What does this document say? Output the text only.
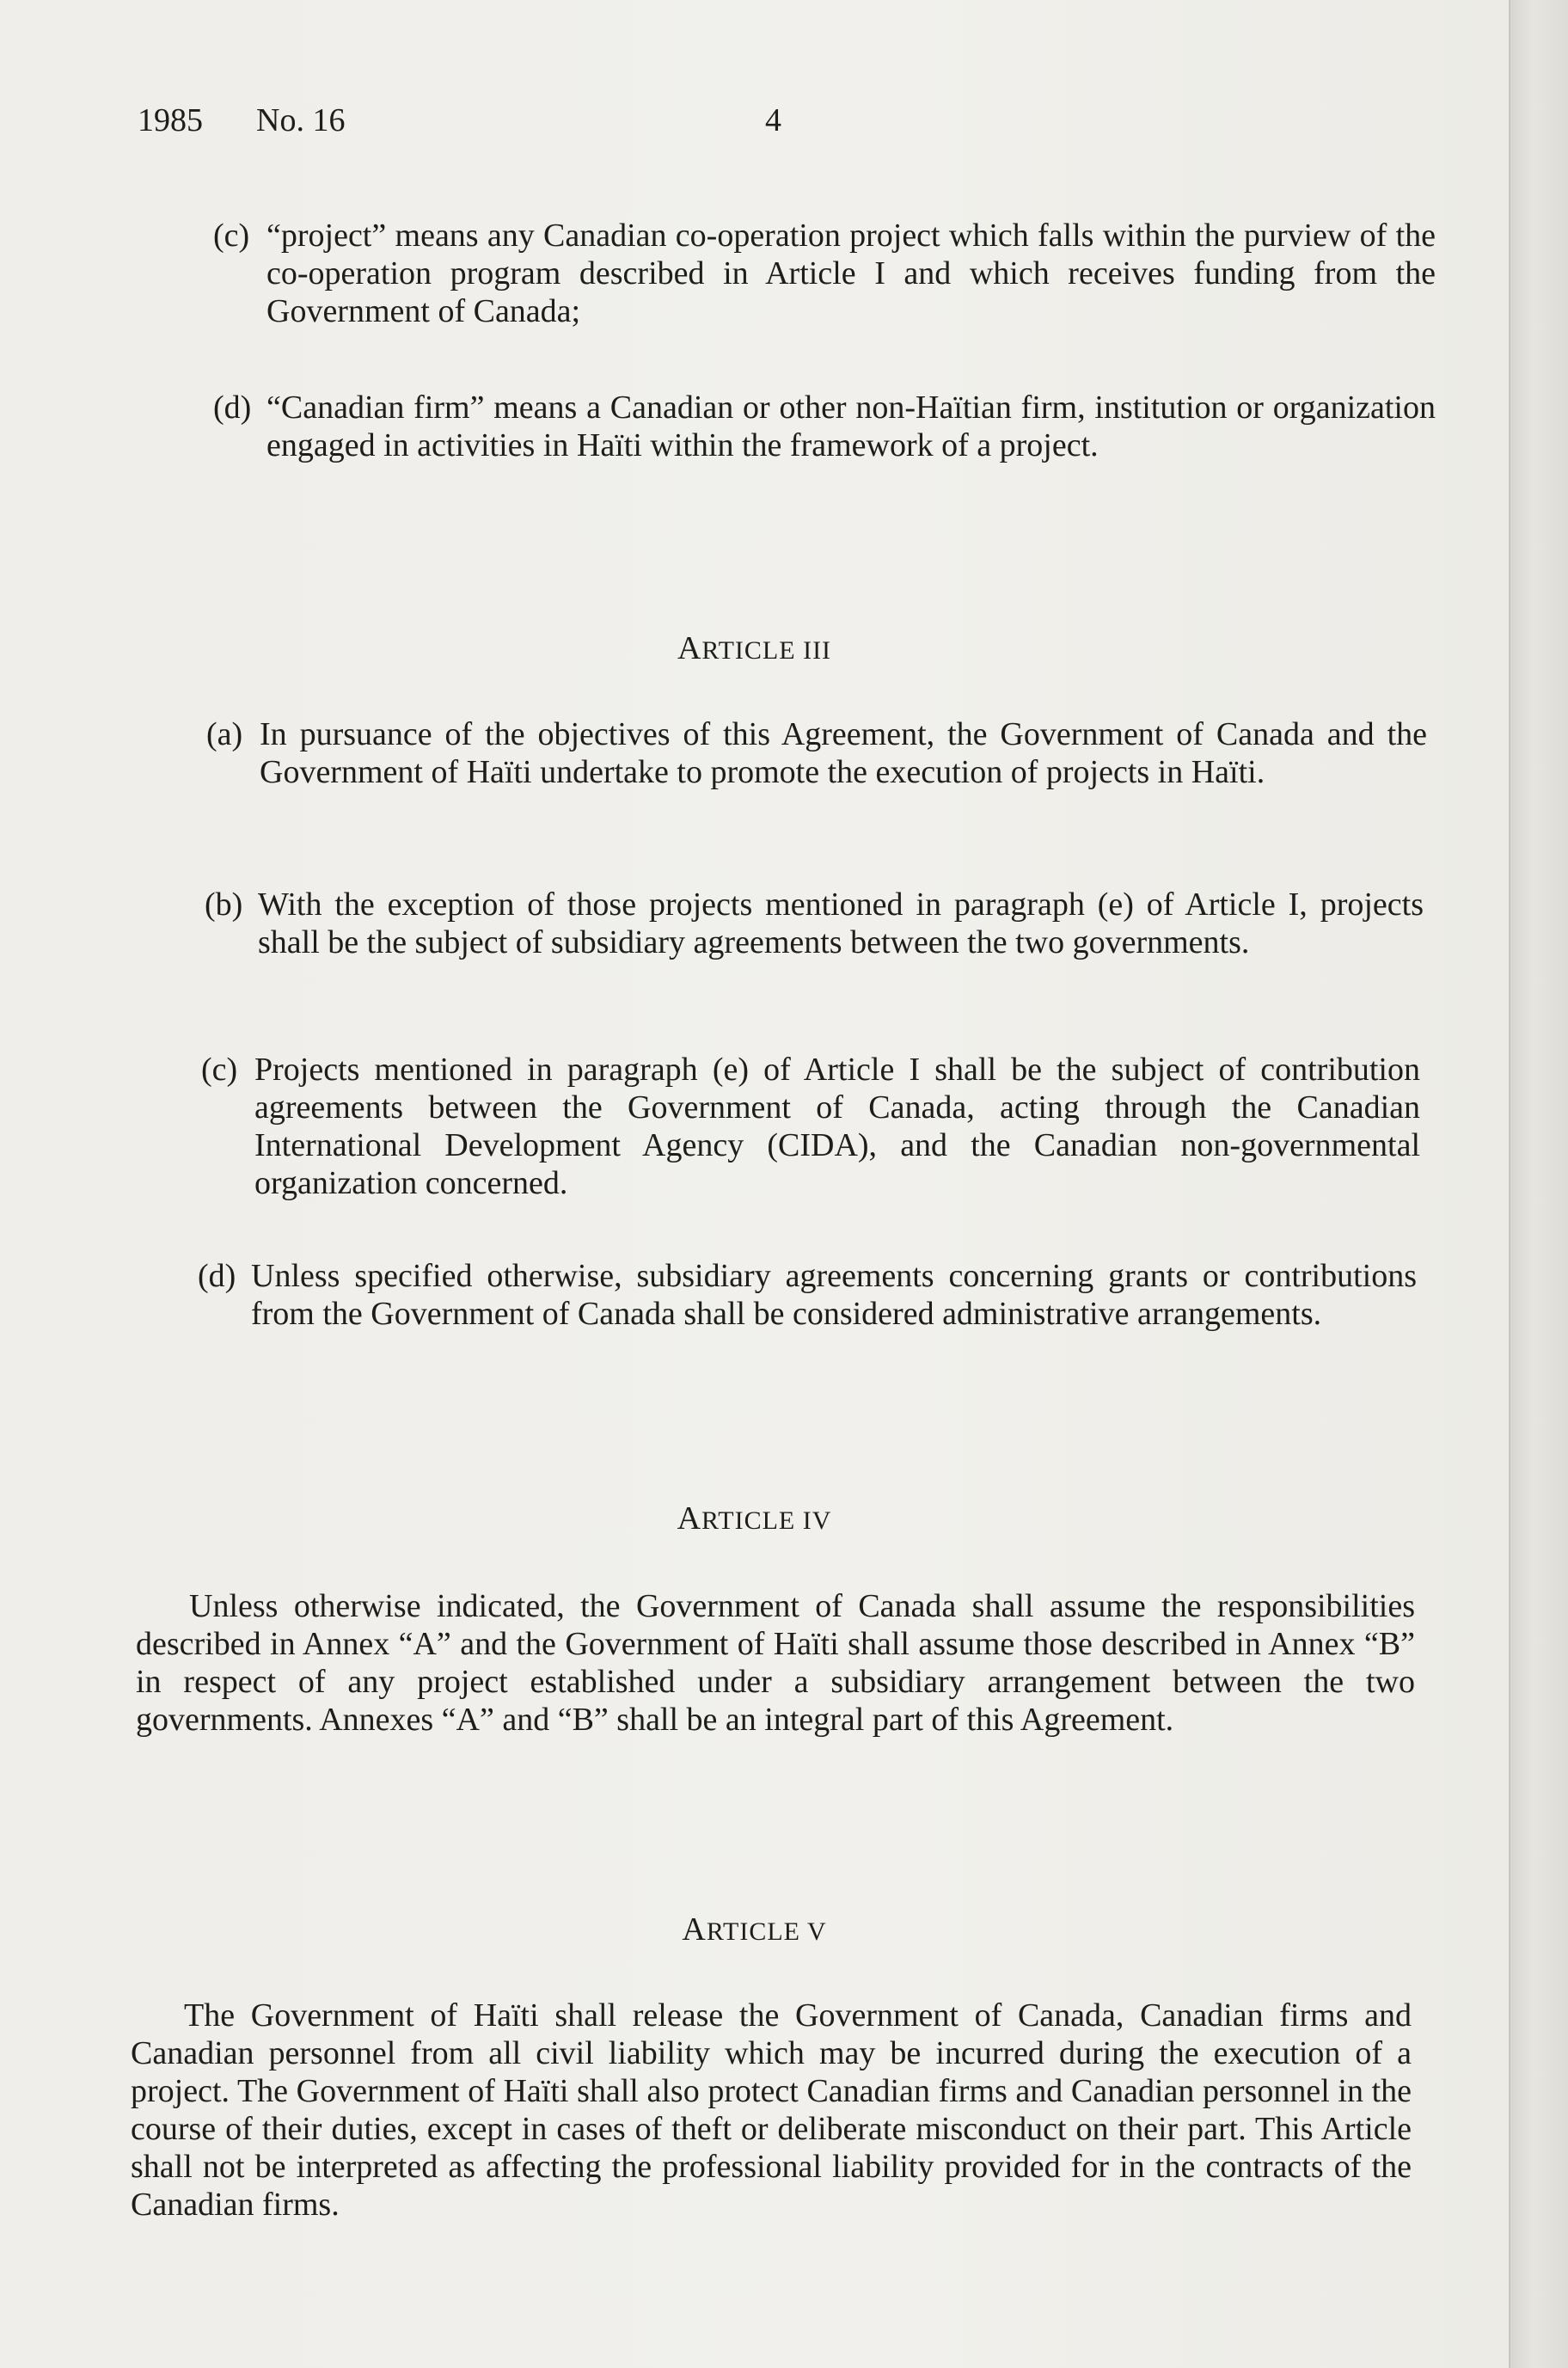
1985 No. 16	4
(c) “project” means any Canadian co-operation project which falls within the purview of the co-operation program described in Article I and which receives funding from the Government of Canada;
(d) “Canadian firm” means a Canadian or other non-Haïtian firm, institution or organization engaged in activities in Haïti within the framework of a project.
ARTICLE III
(a) In pursuance of the objectives of this Agreement, the Government of Canada and the Government of Haïti undertake to promote the execution of projects in Haïti.
(b) With the exception of those projects mentioned in paragraph (e) of Article I, projects shall be the subject of subsidiary agreements between the two governments.
(c) Projects mentioned in paragraph (e) of Article I shall be the subject of contribution agreements between the Government of Canada, acting through the Canadian International Development Agency (CIDA), and the Canadian non-governmental organization concerned.
(d) Unless specified otherwise, subsidiary agreements concerning grants or contributions from the Government of Canada shall be considered administrative arrangements.
ARTICLE IV

Unless otherwise indicated, the Government of Canada shall assume the responsibilities described in Annex “A” and the Government of Haïti shall assume those described in Annex “B” in respect of any project established under a subsidiary arrangement between the two governments. Annexes “A” and “B” shall be an integral part of this Agreement.

ARTICLE V

The Government of Haïti shall release the Government of Canada, Canadian firms and Canadian personnel from all civil liability which may be incurred during the execution of a project. The Government of Haïti shall also protect Canadian firms and Canadian personnel in the course of their duties, except in cases of theft or deliberate misconduct on their part. This Article shall not be interpreted as affecting the professional liability provided for in the contracts of the Canadian firms.
